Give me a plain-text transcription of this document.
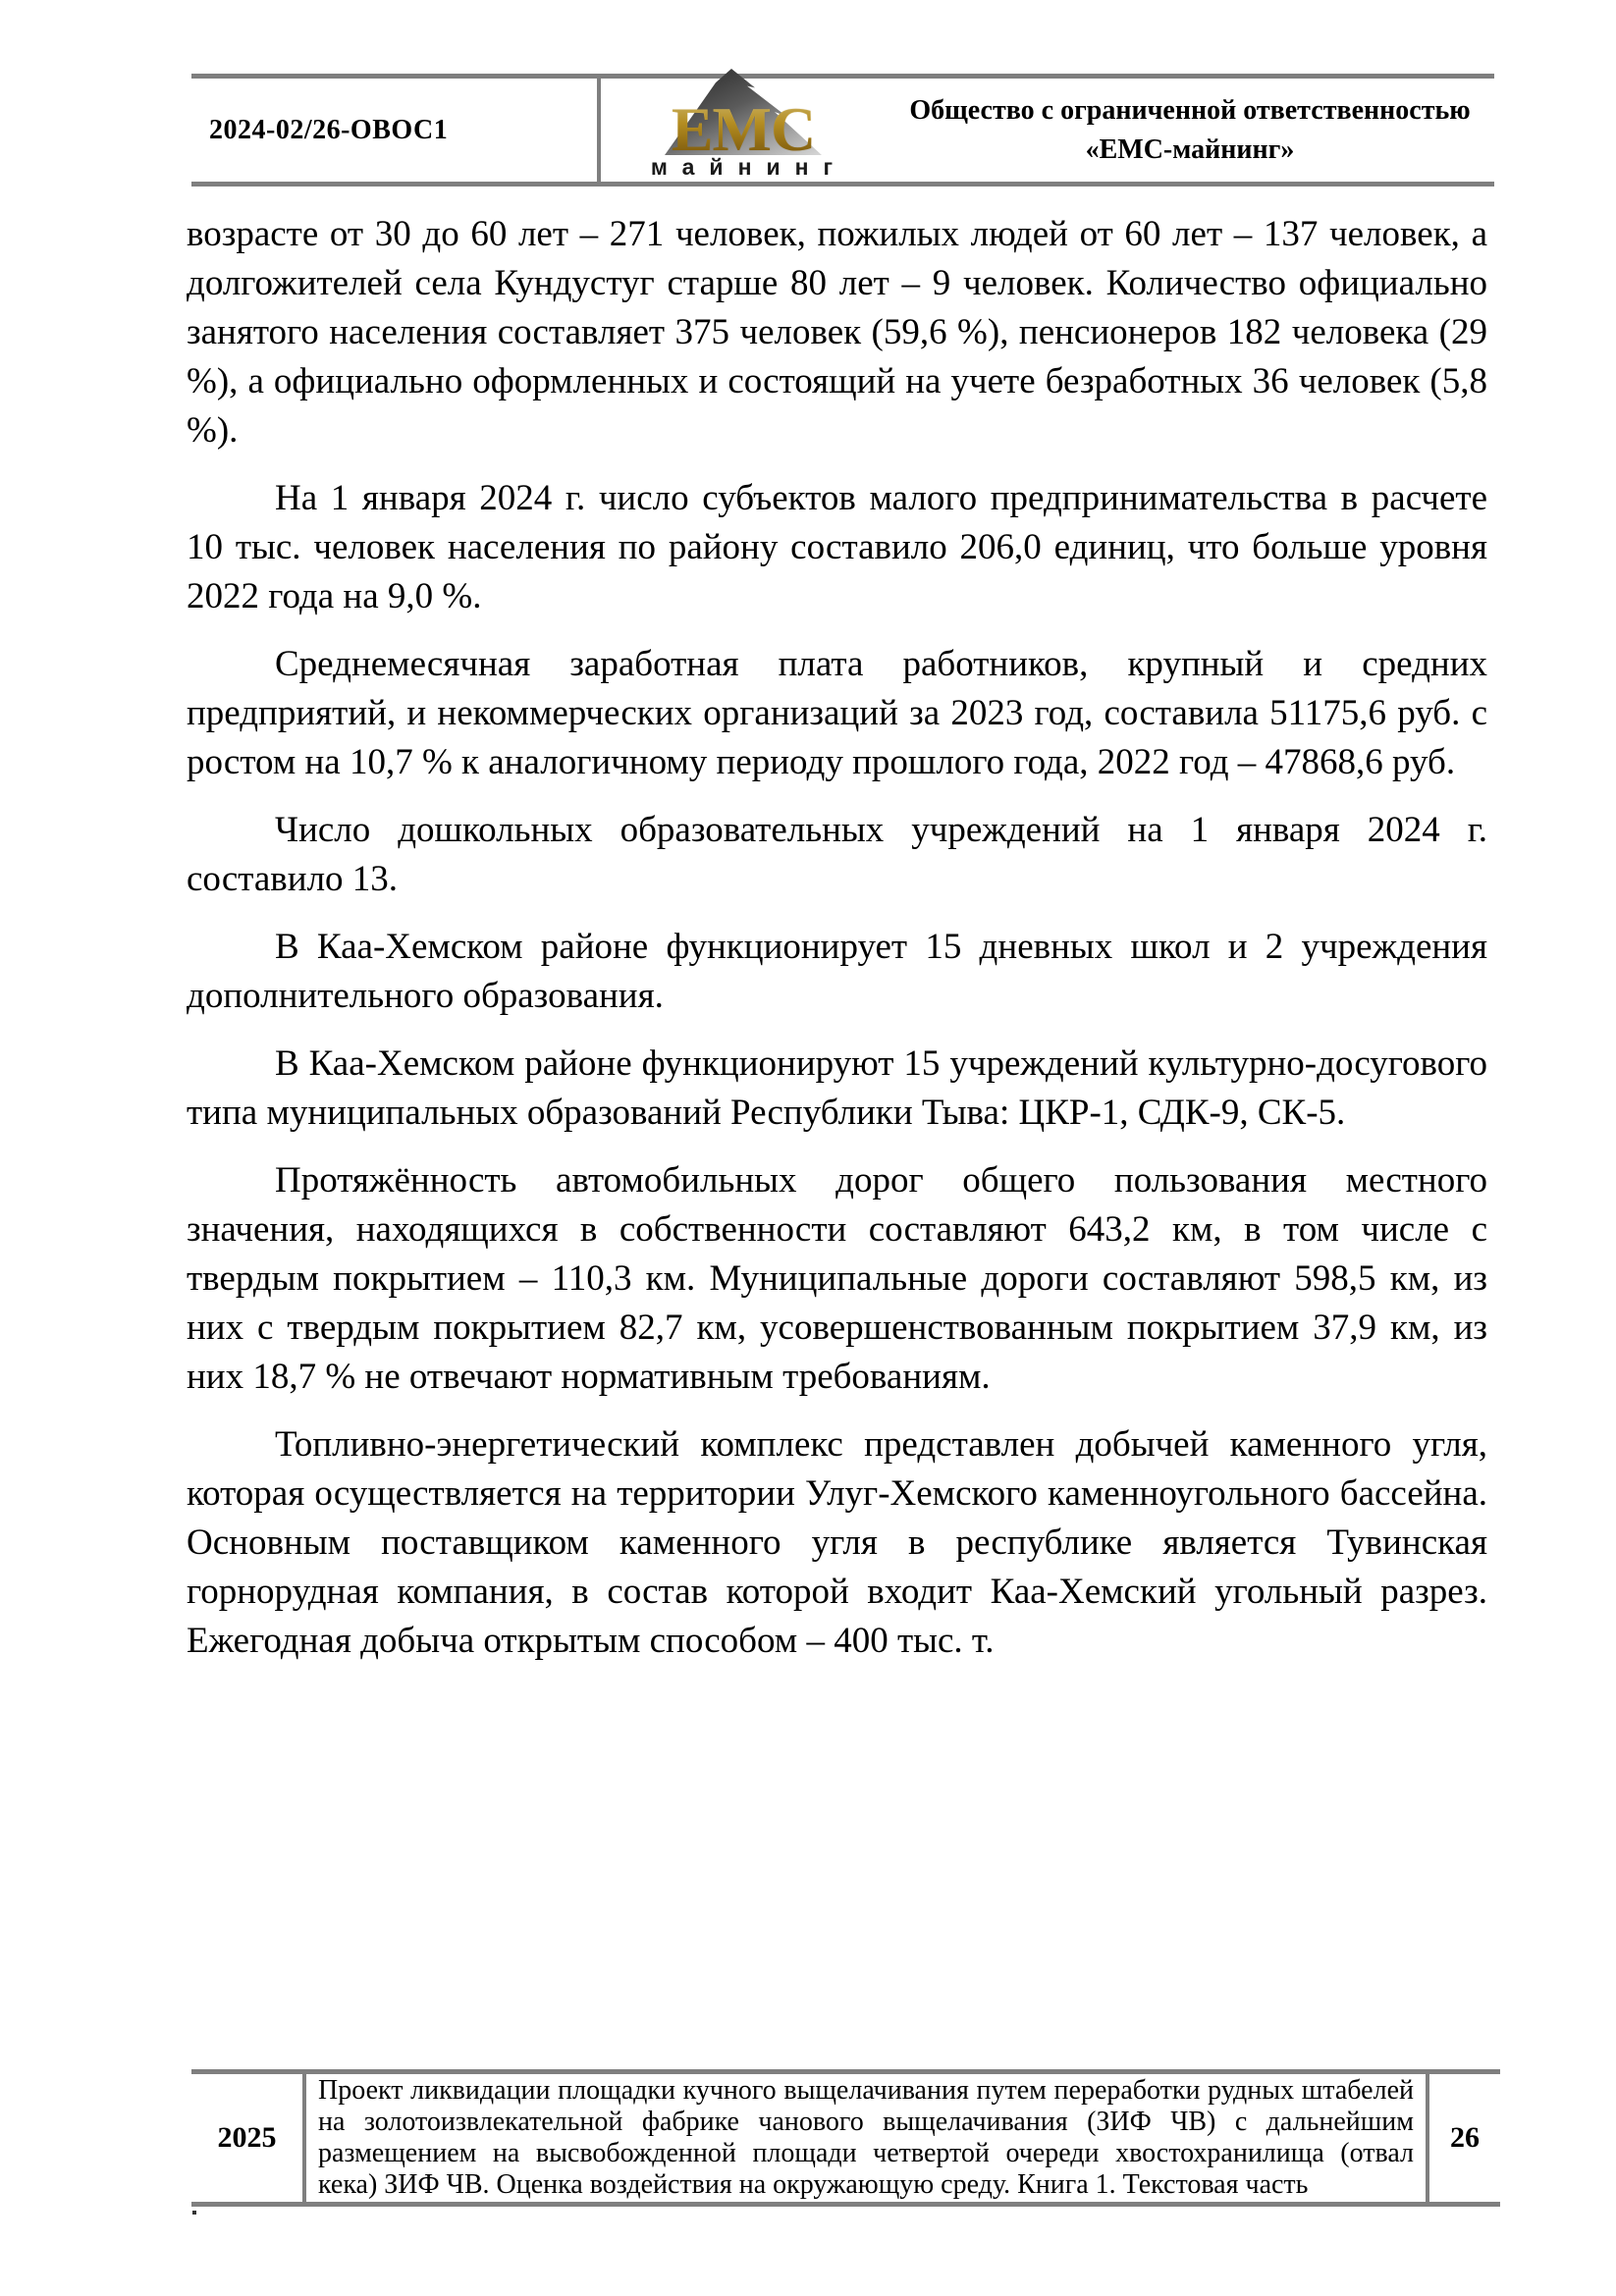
2024-02/26-ОВОС1	ЕМС
майнинг
Общество с ограниченной ответственностью
«ЕМС-майнинг»

возрасте от 30 до 60 лет – 271 человек, пожилых людей от 60 лет – 137 человек, а долгожителей села Кундустуг старше 80 лет – 9 человек. Количество официально занятого населения составляет 375 человек (59,6 %), пенсионеров 182 человека (29 %), а официально оформленных и состоящий на учете безработных 36 человек (5,8 %).

На 1 января 2024 г. число субъектов малого предпринимательства в расчете 10 тыс. человек населения по району составило 206,0 единиц, что больше уровня 2022 года на 9,0 %.

Среднемесячная заработная плата работников, крупный и средних предприятий, и некоммерческих организаций за 2023 год, составила 51175,6 руб. с ростом на 10,7 % к аналогичному периоду прошлого года, 2022 год – 47868,6 руб.

Число дошкольных образовательных учреждений на 1 января 2024 г. составило 13.

В Каа-Хемском районе функционирует 15 дневных школ и 2 учреждения дополнительного образования.

В Каа-Хемском районе функционируют 15 учреждений культурно-досугового типа муниципальных образований Республики Тыва: ЦКР-1, СДК-9, СК-5.

Протяжённость автомобильных дорог общего пользования местного значения, находящихся в собственности составляют 643,2 км, в том числе с твердым покрытием – 110,3 км. Муниципальные дороги составляют 598,5 км, из них с твердым покрытием 82,7 км, усовершенствованным покрытием 37,9 км, из них 18,7 % не отвечают нормативным требованиям.

Топливно-энергетический комплекс представлен добычей каменного угля, которая осуществляется на территории Улуг-Хемского каменноугольного бассейна. Основным поставщиком каменного угля в республике является Тувинская горнорудная компания, в состав которой входит Каа-Хемский угольный разрез. Ежегодная добыча открытым способом – 400 тыс. т.

2025
Проект ликвидации площадки кучного выщелачивания путем переработки рудных штабелей на золотоизвлекательной фабрике чанового выщелачивания (ЗИФ ЧВ) с дальнейшим размещением на высвобожденной площади четвертой очереди хвостохранилища (отвал кека) ЗИФ ЧВ. Оценка воздействия на окружающую среду. Книга 1. Текстовая часть
26
